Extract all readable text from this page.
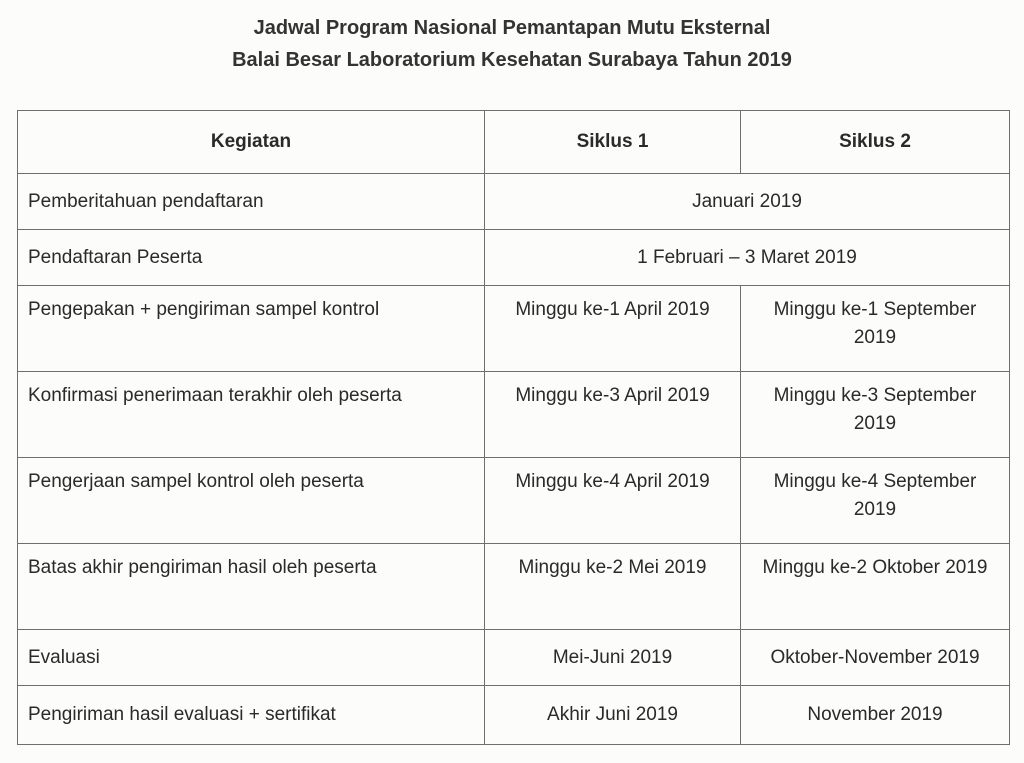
Jadwal Program Nasional Pemantapan Mutu Eksternal
Balai Besar Laboratorium Kesehatan Surabaya Tahun 2019
Kegiatan	Siklus 1	Siklus 2
Pemberitahuan pendaftaran	Januari 2019	
Pendaftaran Peserta	1 Februari – 3 Maret 2019	
Pengepakan + pengiriman sampel kontrol	Minggu ke-1 April 2019	Minggu ke-1 September 2019
Konfirmasi penerimaan terakhir oleh peserta	Minggu ke-3 April 2019	Minggu ke-3 September 2019
Pengerjaan sampel kontrol oleh peserta	Minggu ke-4 April 2019	Minggu ke-4 September 2019
Batas akhir pengiriman hasil oleh peserta	Minggu ke-2 Mei 2019	Minggu ke-2 Oktober 2019
Evaluasi	Mei-Juni 2019	Oktober-November 2019
Pengiriman hasil evaluasi + sertifikat	Akhir Juni 2019	November 2019
